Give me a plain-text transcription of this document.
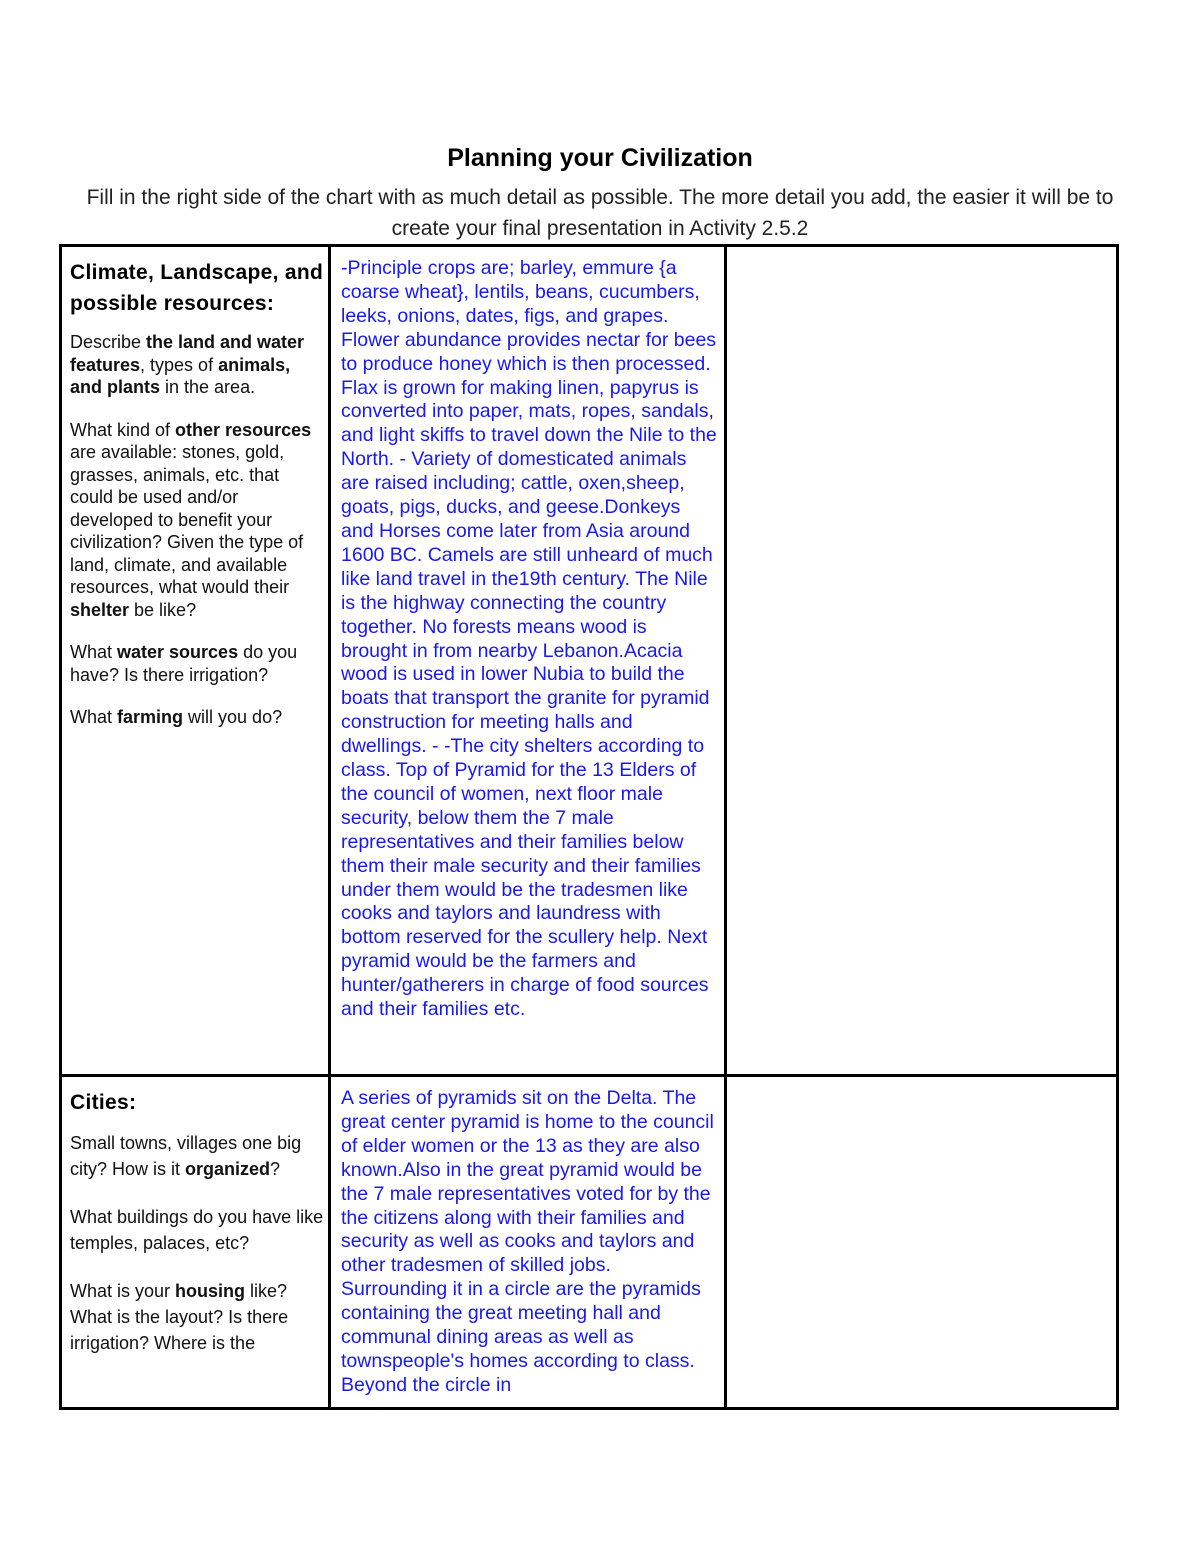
Planning your Civilization
Fill in the right side of the chart with as much detail as possible. The more detail you add, the easier it will be to create your final presentation in Activity 2.5.2
Climate, Landscape, and possible resources:

Describe the land and water features, types of animals, and plants in the area.

What kind of other resources are available: stones, gold, grasses, animals, etc. that could be used and/or developed to benefit your civilization? Given the type of land, climate, and available resources, what would their shelter be like?

What water sources do you have? Is there irrigation?

What farming will you do?

-Principle crops are; barley, emmure {a coarse wheat}, lentils, beans, cucumbers, leeks, onions, dates, figs, and grapes. Flower abundance provides nectar for bees to produce honey which is then processed. Flax is grown for making linen, papyrus is converted into paper, mats, ropes, sandals, and light skiffs to travel down the Nile to the North. - Variety of domesticated animals are raised including; cattle, oxen,sheep, goats, pigs, ducks, and geese.Donkeys and Horses come later from Asia around 1600 BC. Camels are still unheard of much like land travel in the19th century. The Nile is the highway connecting the country together. No forests means wood is brought in from nearby Lebanon.Acacia wood is used in lower Nubia to build the boats that transport the granite for pyramid construction for meeting halls and dwellings. - -The city shelters according to class. Top of Pyramid for the 13 Elders of the council of women, next floor male security, below them the 7 male representatives and their families below them their male security and their families under them would be the tradesmen like cooks and taylors and laundress with bottom reserved for the scullery help. Next pyramid would be the farmers and hunter/gatherers in charge of food sources and their families etc.

Cities:

Small towns, villages one big city? How is it organized?

What buildings do you have like temples, palaces, etc?

What is your housing like? What is the layout? Is there irrigation? Where is the

A series of pyramids sit on the Delta. The great center pyramid is home to the council of elder women or the 13 as they are also known.Also in the great pyramid would be the 7 male representatives voted for by the the citizens along with their families and security as well as cooks and taylors and other tradesmen of skilled jobs. Surrounding it in a circle are the pyramids containing the great meeting hall and communal dining areas as well as townspeople's homes according to class. Beyond the circle in
